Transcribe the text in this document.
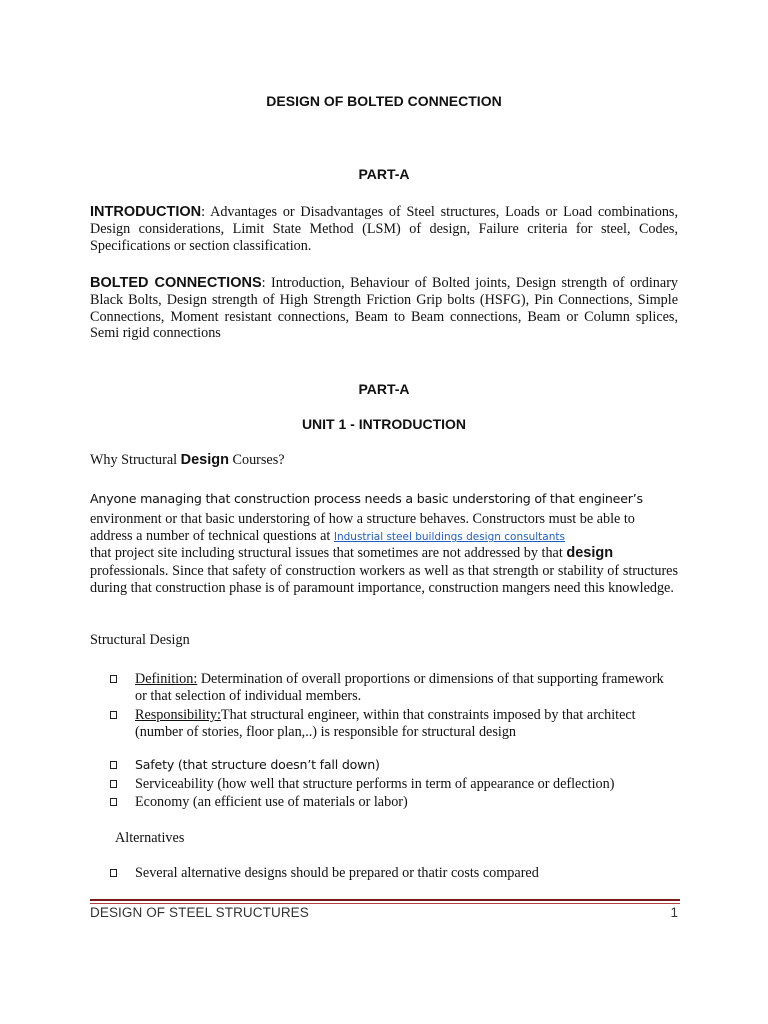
DESIGN OF BOLTED CONNECTION
PART-A
INTRODUCTION: Advantages or Disadvantages of Steel structures, Loads or Load combinations, Design considerations, Limit State Method (LSM) of design, Failure criteria for steel, Codes, Specifications or section classification.
BOLTED CONNECTIONS: Introduction, Behaviour of Bolted joints, Design strength of ordinary Black Bolts, Design strength of High Strength Friction Grip bolts (HSFG), Pin Connections, Simple Connections, Moment resistant connections, Beam to Beam connections, Beam or Column splices, Semi rigid connections
PART-A
UNIT 1 - INTRODUCTION
Why Structural Design Courses?
Anyone managing that construction process needs a basic understoring of that engineer’s
environment or that basic understoring of how a structure behaves. Constructors must be able to
address a number of technical questions at Industrial steel buildings design consultants
that project site including structural issues that sometimes are not addressed by that design
professionals. Since that safety of construction workers as well as that strength or stability of structures during that construction phase is of paramount importance, construction mangers need this knowledge.
Structural Design
Definition: Determination of overall proportions or dimensions of that supporting framework or that selection of individual members.
Responsibility:That structural engineer, within that constraints imposed by that architect (number of stories, floor plan,..) is responsible for structural design
Safety (that structure doesn’t fall down)
Serviceability (how well that structure performs in term of appearance or deflection)
Economy (an efficient use of materials or labor)
Alternatives
Several alternative designs should be prepared or thatir costs compared
DESIGN OF STEEL STRUCTURES	1
